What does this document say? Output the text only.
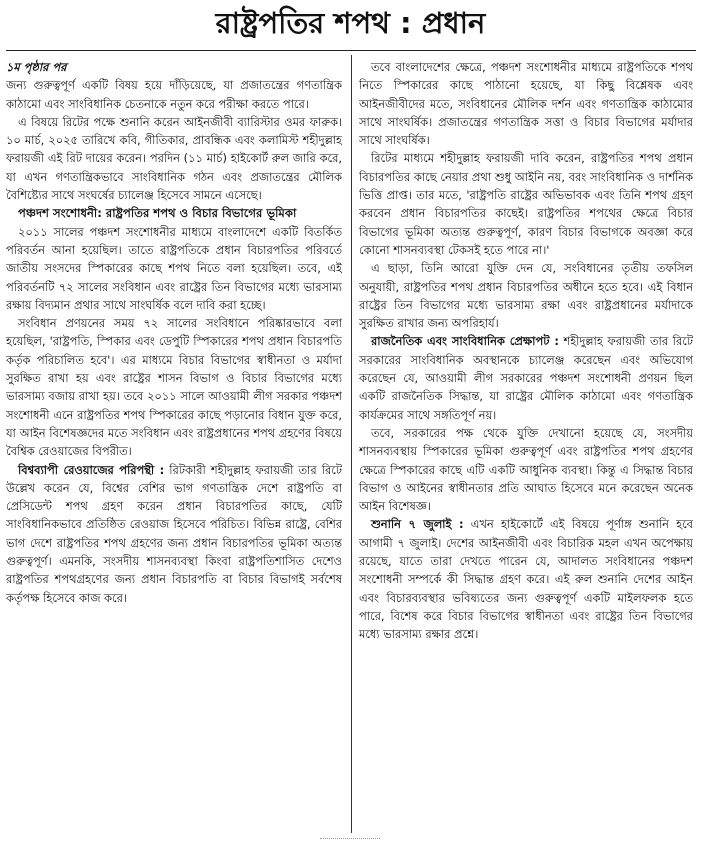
রাষ্ট্রপতির শপথ : প্রধান
১ম পৃষ্ঠার পর

জন্য গুরুত্বপূর্ণ একটি বিষয় হয়ে দাঁড়িয়েছে, যা প্রজাতন্ত্রের গণতান্ত্রিক কাঠামো এবং সাংবিধানিক চেতনাকে নতুন করে পরীক্ষা করতে পারে।

এ বিষয়ে রিটের পক্ষে শুনানি করেন আইনজীবী ব্যারিস্টার ওমর ফারুক। ১০ মার্চ, ২০২৫ তারিখে কবি, গীতিকার, প্রাবন্ধিক এবং কলামিস্ট শহীদুল্লাহ ফরায়জী এই রিট দায়ের করেন। পরদিন (১১ মার্চ) হাইকোর্ট রুল জারি করে, যা এখন গণতান্ত্রিকভাবে সাংবিধানিক গঠন এবং প্রজাতন্ত্রের মৌলিক বৈশিষ্ট্যের সাথে সংঘর্ষের চ্যালেঞ্জ হিসেবে সামনে এসেছে।

পঞ্চদশ সংশোধনী: রাষ্ট্রপতির শপথ ও বিচার বিভাগের ভূমিকা

২০১১ সালের পঞ্চদশ সংশোধনীর মাধ্যমে বাংলাদেশে একটি বিতর্কিত পরিবর্তন আনা হয়েছিল। তাতে রাষ্ট্রপতিকে প্রধান বিচারপতির পরিবর্তে জাতীয় সংসদের স্পিকারের কাছে শপথ নিতে বলা হয়েছিল। তবে, এই পরিবর্তনটি ৭২ সালের সংবিধান এবং রাষ্ট্রের তিন বিভাগের মধ্যে ভারসাম্য রক্ষায় বিদ্যমান প্রথার সাথে সাংঘর্ষিক বলে দাবি করা হচ্ছে।

সংবিধান প্রণয়নের সময় ৭২ সালের সংবিধানে পরিষ্কারভাবে বলা হয়েছিল, 'রাষ্ট্রপতি, স্পিকার এবং ডেপুটি স্পিকারের শপথ প্রধান বিচারপতি কর্তৃক পরিচালিত হবে'। এর মাধ্যমে বিচার বিভাগের স্বাধীনতা ও মর্যাদা সুরক্ষিত রাখা হয় এবং রাষ্ট্রের শাসন বিভাগ ও বিচার বিভাগের মধ্যে ভারসাম্য বজায় রাখা হয়। তবে ২০১১ সালে আওয়ামী লীগ সরকার পঞ্চদশ সংশোধনী এনে রাষ্ট্রপতির শপথ স্পিকারের কাছে পড়ানোর বিধান যুক্ত করে, যা আইন বিশেষজ্ঞদের মতে সংবিধান এবং রাষ্ট্রপ্রধানের শপথ গ্রহণের বিষয়ে বৈশ্বিক রেওয়াজের বিপরীত।

বিশ্বব্যাপী রেওয়াজের পরিপন্থী : রিটকারী শহীদুল্লাহ ফরায়জী তার রিটে উল্লেখ করেন যে, বিশ্বের বেশির ভাগ গণতান্ত্রিক দেশে রাষ্ট্রপতি বা প্রেসিডেন্ট শপথ গ্রহণ করেন প্রধান বিচারপতির কাছে, যেটি সাংবিধানিকভাবে প্রতিষ্ঠিত রেওয়াজ হিসেবে পরিচিত। বিভিন্ন রাষ্ট্রে, বেশির ভাগ দেশে রাষ্ট্রপতির শপথ গ্রহণের জন্য প্রধান বিচারপতির ভূমিকা অত্যন্ত গুরুত্বপূর্ণ। এমনকি, সংসদীয় শাসনব্যবস্থা কিংবা রাষ্ট্রপতিশাসিত দেশেও রাষ্ট্রপতির শপথগ্রহণের জন্য প্রধান বিচারপতি বা বিচার বিভাগই সর্বশেষ কর্তৃপক্ষ হিসেবে কাজ করে।

তবে বাংলাদেশের ক্ষেত্রে, পঞ্চদশ সংশোধনীর মাধ্যমে রাষ্ট্রপতিকে শপথ নিতে স্পিকারের কাছে পাঠানো হয়েছে, যা কিছু বিশ্লেষক এবং আইনজীবীদের মতে, সংবিধানের মৌলিক দর্শন এবং গণতান্ত্রিক কাঠামোর সাথে সাংঘর্ষিক। প্রজাতন্ত্রের গণতান্ত্রিক সত্তা ও বিচার বিভাগের মর্যাদার সাথে সাংঘর্ষিক।

রিটের মাধ্যমে শহীদুল্লাহ ফরায়জী দাবি করেন, রাষ্ট্রপতির শপথ প্রধান বিচারপতির কাছে নেয়ার প্রথা শুধু আইনি নয়, বরং সাংবিধানিক ও দার্শনিক ভিত্তি প্রাপ্ত। তার মতে, 'রাষ্ট্রপতি রাষ্ট্রের অভিভাবক এবং তিনি শপথ গ্রহণ করবেন প্রধান বিচারপতির কাছেই। রাষ্ট্রপতির শপথের ক্ষেত্রে বিচার বিভাগের ভূমিকা অত্যন্ত গুরুত্বপূর্ণ, কারণ বিচার বিভাগকে অবজ্ঞা করে কোনো শাসনব্যবস্থা টেকসই হতে পারে না।'

এ ছাড়া, তিনি আরো যুক্তি দেন যে, সংবিধানের তৃতীয় তফসিল অনুযায়ী, রাষ্ট্রপতির শপথ প্রধান বিচারপতির অধীনে হতে হবে। এই বিধান রাষ্ট্রের তিন বিভাগের মধ্যে ভারসাম্য রক্ষা এবং রাষ্ট্রপ্রধানের মর্যাদাকে সুরক্ষিত রাখার জন্য অপরিহার্য।

রাজনৈতিক এবং সাংবিধানিক প্রেক্ষাপট : শহীদুল্লাহ ফরায়জী তার রিটে সরকারের সাংবিধানিক অবস্থানকে চ্যালেঞ্জ করেছেন এবং অভিযোগ করেছেন যে, আওয়ামী লীগ সরকারের পঞ্চদশ সংশোধনী প্রণয়ন ছিল একটি রাজনৈতিক সিদ্ধান্ত, যা রাষ্ট্রের মৌলিক কাঠামো এবং গণতান্ত্রিক কার্যক্রমের সাথে সঙ্গতিপূর্ণ নয়।

তবে, সরকারের পক্ষ থেকে যুক্তি দেখানো হয়েছে যে, সংসদীয় শাসনব্যবস্থায় স্পিকারের ভূমিকা গুরুত্বপূর্ণ এবং রাষ্ট্রপতির শপথ গ্রহণের ক্ষেত্রে স্পিকারের কাছে এটি একটি আধুনিক ব্যবস্থা। কিন্তু এ সিদ্ধান্ত বিচার বিভাগ ও আইনের স্বাধীনতার প্রতি আঘাত হিসেবে মনে করেছেন অনেক আইন বিশেষজ্ঞ।

শুনানি ৭ জুলাই : এখন হাইকোর্টে এই বিষয়ে পূর্ণাঙ্গ শুনানি হবে আগামী ৭ জুলাই। দেশের আইনজীবী এবং বিচারিক মহল এখন অপেক্ষায় রয়েছে, যাতে তারা দেখতে পারেন যে, আদালত সংবিধানের পঞ্চদশ সংশোধনী সম্পর্কে কী সিদ্ধান্ত গ্রহণ করে। এই রুল শুনানি দেশের আইন এবং বিচারব্যবস্থার ভবিষ্যতের জন্য গুরুত্বপূর্ণ একটি মাইলফলক হতে পারে, বিশেষ করে বিচার বিভাগের স্বাধীনতা এবং রাষ্ট্রের তিন বিভাগের মধ্যে ভারসাম্য রক্ষার প্রশ্নে।
